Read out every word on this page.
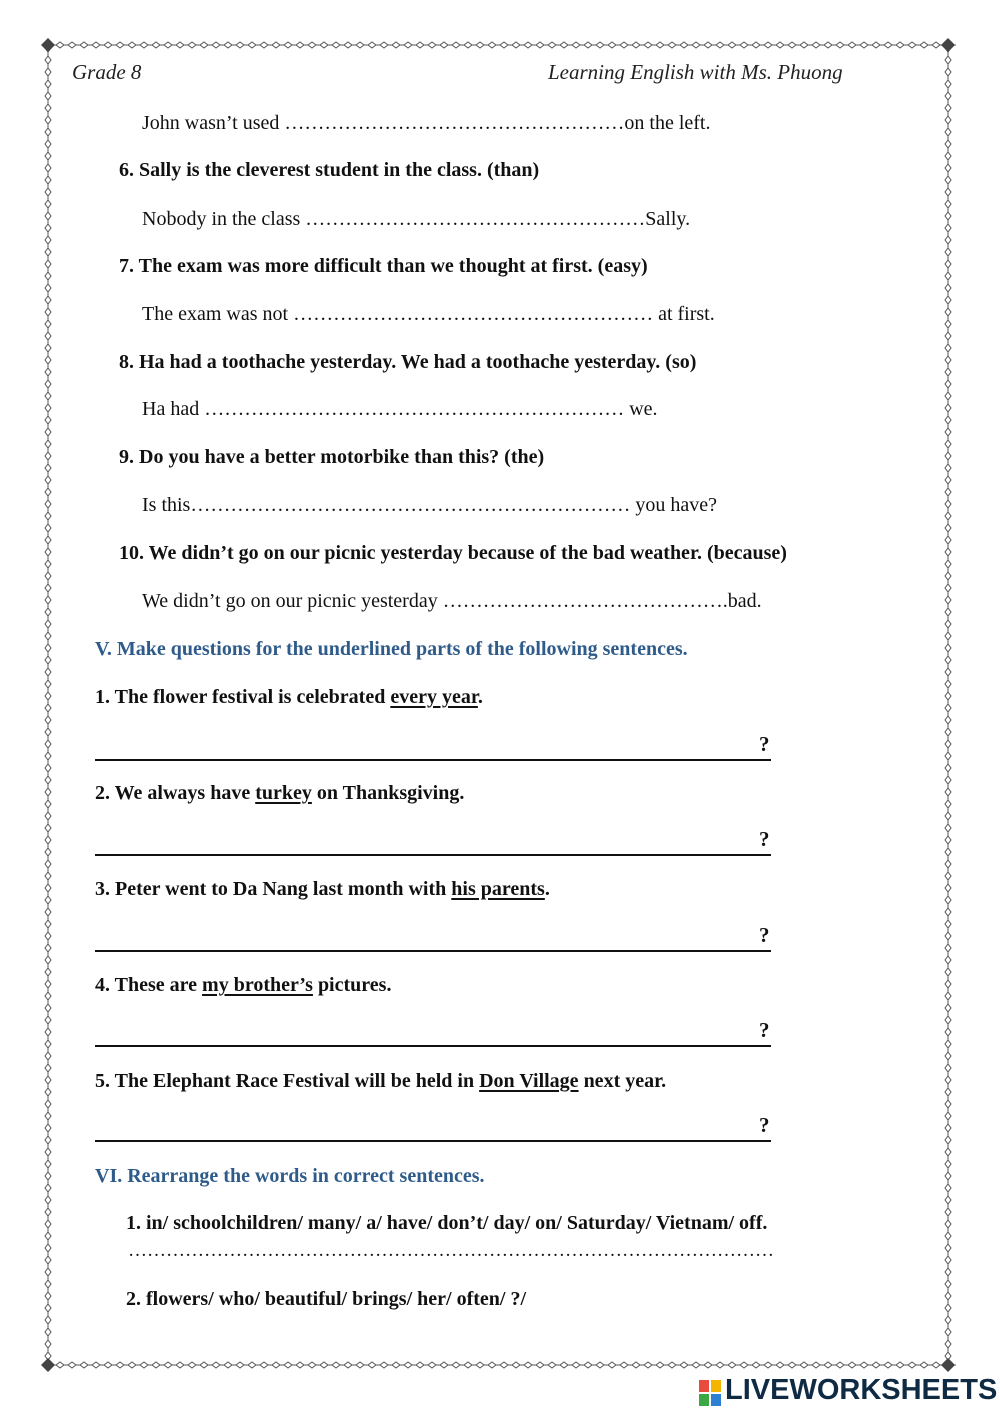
Grade 8	Learning English with Ms. Phuong
John wasn’t used ……………………………………………on the left.
6. Sally is the cleverest student in the class. (than)
Nobody in the class ……………………………………………Sally.
7. The exam was more difficult than we thought at first. (easy)
The exam was not ……………………………………………… at first.
8. Ha had a toothache yesterday. We had a toothache yesterday. (so)
Ha had ……………………………………………………… we.
9. Do you have a better motorbike than this? (the)
Is this………………………………………………………… you have?
10. We didn’t go on our picnic yesterday because of the bad weather. (because)
We didn’t go on our picnic yesterday …………………………………….bad.
V. Make questions for the underlined parts of the following sentences.
1. The flower festival is celebrated every year.
?
2. We always have turkey on Thanksgiving.
?
3. Peter went to Da Nang last month with his parents.
?
4. These are my brother’s pictures.
?
5. The Elephant Race Festival will be held in Don Village next year.
?
VI. Rearrange the words in correct sentences.
1. in/ schoolchildren/ many/ a/ have/ don’t/ day/ on/ Saturday/ Vietnam/ off.
…………………………………………………………………………………………
2. flowers/ who/ beautiful/ brings/ her/ often/ ?/
LIVEWORKSHEETS
